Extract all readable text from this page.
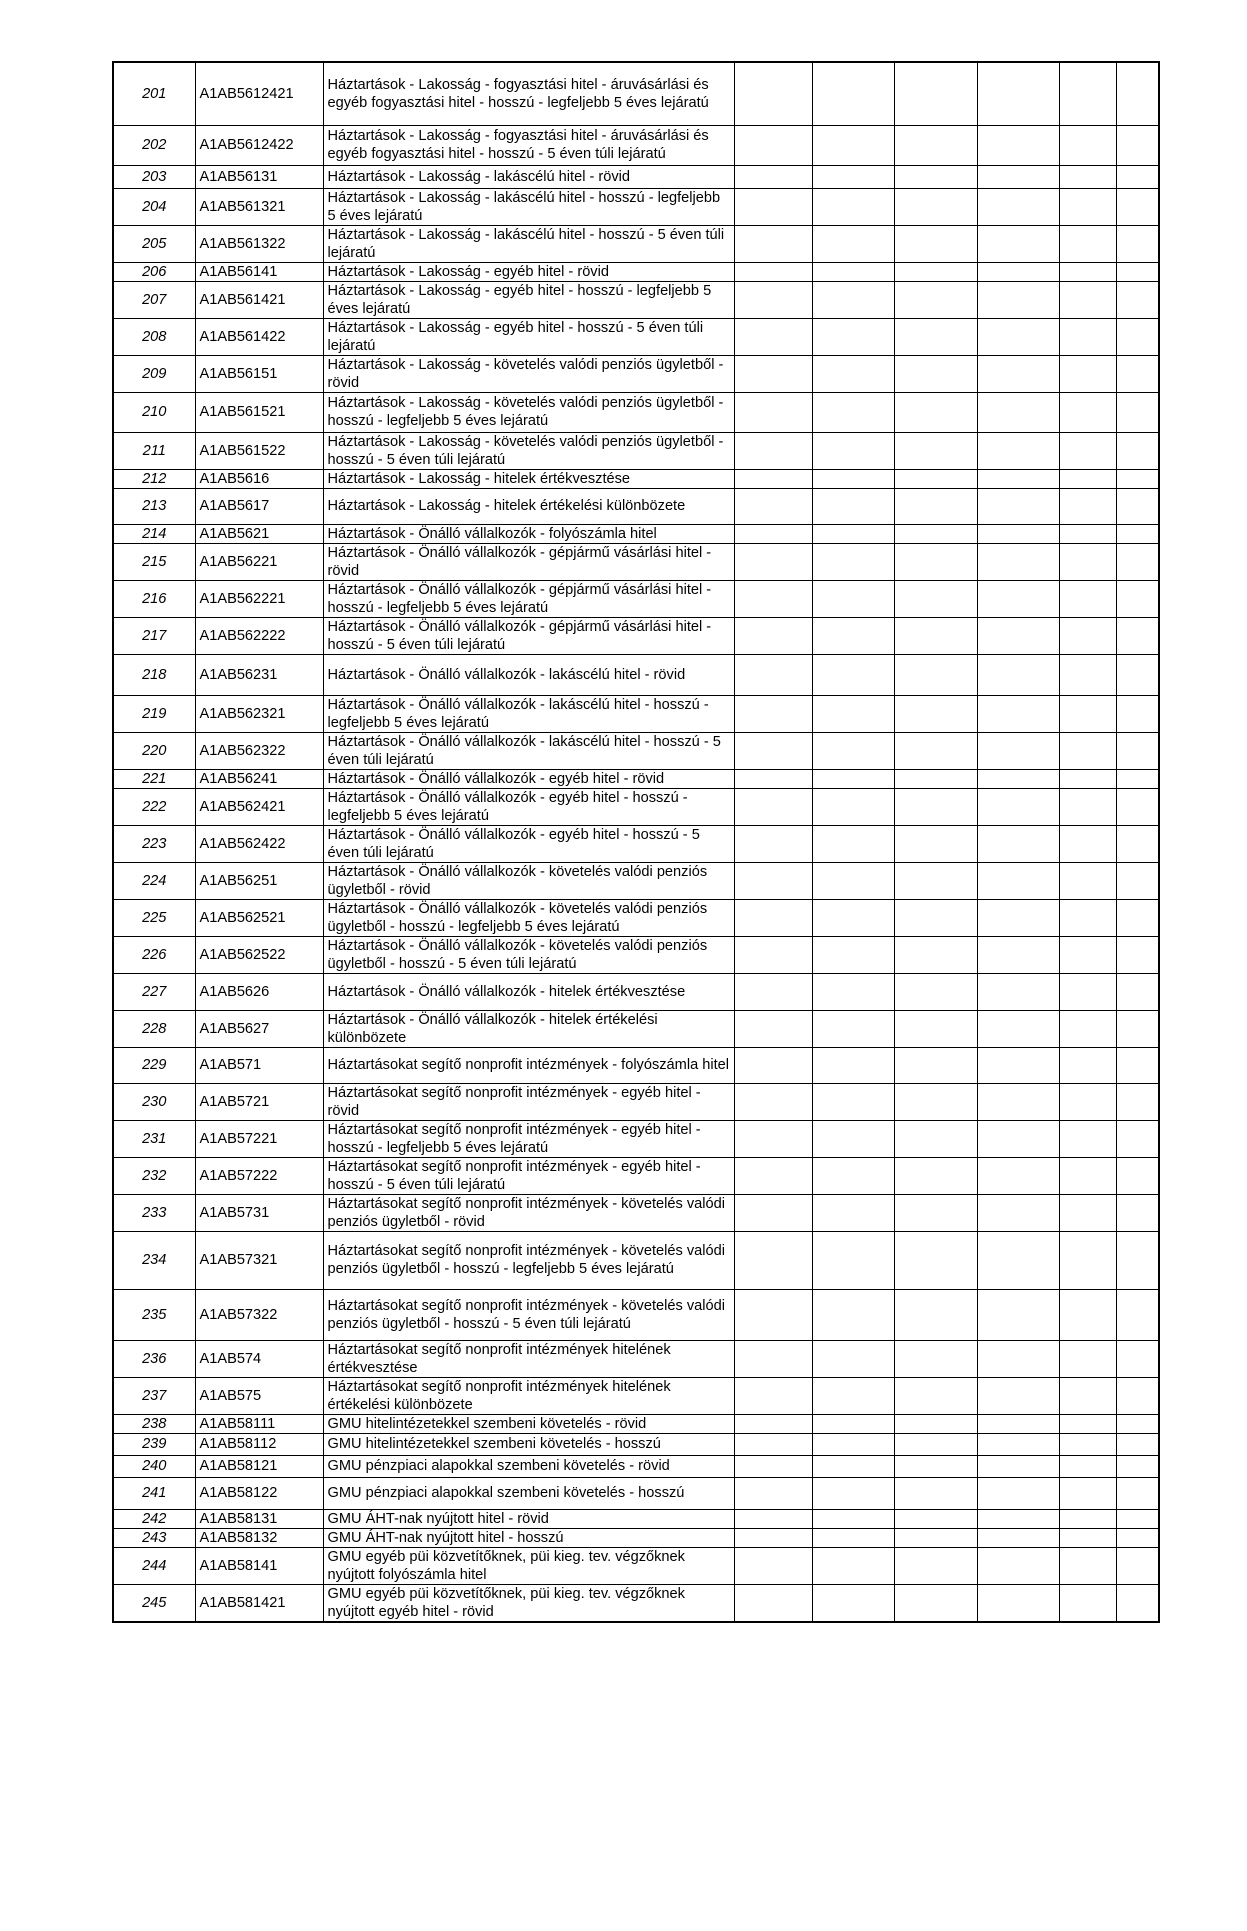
201	A1AB5612421	Háztartások - Lakosság - fogyasztási hitel - áruvásárlási és egyéb fogyasztási hitel - hosszú - legfeljebb 5 éves lejáratú						
202	A1AB5612422	Háztartások - Lakosság - fogyasztási hitel - áruvásárlási és egyéb fogyasztási hitel - hosszú - 5 éven túli lejáratú						
203	A1AB56131	Háztartások - Lakosság - lakáscélú hitel - rövid						
204	A1AB561321	Háztartások - Lakosság - lakáscélú hitel - hosszú - legfeljebb 5 éves lejáratú						
205	A1AB561322	Háztartások - Lakosság - lakáscélú hitel - hosszú - 5 éven túli lejáratú						
206	A1AB56141	Háztartások - Lakosság - egyéb hitel - rövid						
207	A1AB561421	Háztartások - Lakosság - egyéb hitel - hosszú - legfeljebb 5 éves lejáratú						
208	A1AB561422	Háztartások - Lakosság - egyéb hitel - hosszú - 5 éven túli lejáratú						
209	A1AB56151	Háztartások - Lakosság - követelés valódi penziós ügyletből - rövid						
210	A1AB561521	Háztartások - Lakosság - követelés valódi penziós ügyletből - hosszú - legfeljebb 5 éves lejáratú						
211	A1AB561522	Háztartások - Lakosság - követelés valódi penziós ügyletből - hosszú - 5 éven túli lejáratú						
212	A1AB5616	Háztartások - Lakosság - hitelek értékvesztése						
213	A1AB5617	Háztartások - Lakosság - hitelek értékelési különbözete						
214	A1AB5621	Háztartások - Önálló vállalkozók - folyószámla hitel						
215	A1AB56221	Háztartások - Önálló vállalkozók - gépjármű vásárlási hitel - rövid						
216	A1AB562221	Háztartások - Önálló vállalkozók - gépjármű vásárlási hitel - hosszú - legfeljebb 5 éves lejáratú						
217	A1AB562222	Háztartások - Önálló vállalkozók - gépjármű vásárlási hitel - hosszú - 5 éven túli lejáratú						
218	A1AB56231	Háztartások - Önálló vállalkozók - lakáscélú hitel - rövid						
219	A1AB562321	Háztartások - Önálló vállalkozók - lakáscélú hitel - hosszú - legfeljebb 5 éves lejáratú						
220	A1AB562322	Háztartások - Önálló vállalkozók - lakáscélú hitel - hosszú - 5 éven túli lejáratú						
221	A1AB56241	Háztartások - Önálló vállalkozók - egyéb hitel - rövid						
222	A1AB562421	Háztartások - Önálló vállalkozók - egyéb hitel - hosszú - legfeljebb 5 éves lejáratú						
223	A1AB562422	Háztartások - Önálló vállalkozók - egyéb hitel - hosszú - 5 éven túli lejáratú						
224	A1AB56251	Háztartások - Önálló vállalkozók - követelés valódi penziós ügyletből - rövid						
225	A1AB562521	Háztartások - Önálló vállalkozók - követelés valódi penziós ügyletből - hosszú - legfeljebb 5 éves lejáratú						
226	A1AB562522	Háztartások - Önálló vállalkozók - követelés valódi penziós ügyletből - hosszú - 5 éven túli lejáratú						
227	A1AB5626	Háztartások - Önálló vállalkozók - hitelek értékvesztése						
228	A1AB5627	Háztartások - Önálló vállalkozók - hitelek értékelési különbözete						
229	A1AB571	Háztartásokat segítő nonprofit intézmények - folyószámla hitel						
230	A1AB5721	Háztartásokat segítő nonprofit intézmények - egyéb hitel - rövid						
231	A1AB57221	Háztartásokat segítő nonprofit intézmények - egyéb hitel - hosszú - legfeljebb 5 éves lejáratú						
232	A1AB57222	Háztartásokat segítő nonprofit intézmények - egyéb hitel - hosszú - 5 éven túli lejáratú						
233	A1AB5731	Háztartásokat segítő nonprofit intézmények - követelés valódi penziós ügyletből - rövid						
234	A1AB57321	Háztartásokat segítő nonprofit intézmények - követelés valódi penziós ügyletből - hosszú - legfeljebb 5 éves lejáratú						
235	A1AB57322	Háztartásokat segítő nonprofit intézmények - követelés valódi penziós ügyletből - hosszú - 5 éven túli lejáratú						
236	A1AB574	Háztartásokat segítő nonprofit intézmények hitelének értékvesztése						
237	A1AB575	Háztartásokat segítő nonprofit intézmények hitelének értékelési különbözete						
238	A1AB58111	GMU hitelintézetekkel szembeni követelés - rövid						
239	A1AB58112	GMU hitelintézetekkel szembeni követelés - hosszú						
240	A1AB58121	GMU pénzpiaci alapokkal szembeni követelés - rövid						
241	A1AB58122	GMU pénzpiaci alapokkal szembeni követelés - hosszú						
242	A1AB58131	GMU ÁHT-nak nyújtott hitel - rövid						
243	A1AB58132	GMU ÁHT-nak nyújtott hitel - hosszú						
244	A1AB58141	GMU egyéb püi közvetítőknek, püi kieg. tev. végzőknek nyújtott folyószámla hitel						
245	A1AB581421	GMU egyéb püi közvetítőknek, püi kieg. tev. végzőknek nyújtott egyéb hitel - rövid						
